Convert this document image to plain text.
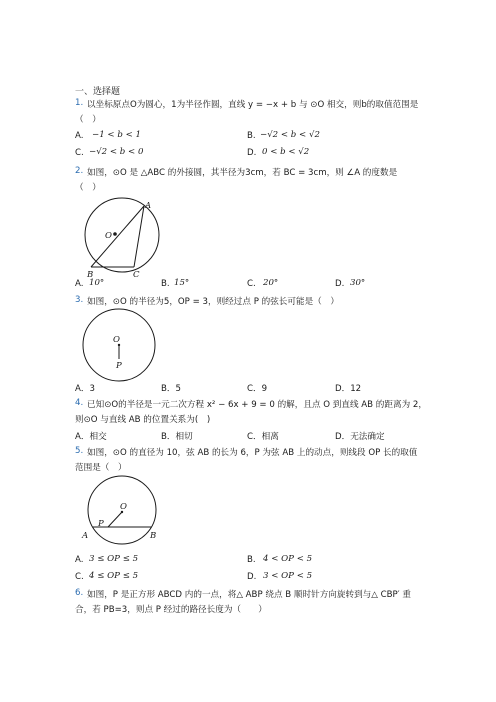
一、选择题
1. 以坐标原点O为圆心，1为半径作圆，直线 y = −x + b 与 ⊙O 相交，则b的取值范围是
（　）
A. −1 < b < 1	B. −√2 < b < √2
C. −√2 < b < 0	D. 0 < b < √2
2. 如图，⊙O 是 △ABC 的外接圆，其半径为3cm，若 BC = 3cm，则 ∠A 的度数是
（　）
A
O
B	C
A. 10°	B. 15°	C. 20°	D. 30°
3. 如图，⊙O 的半径为5，OP = 3，则经过点 P 的弦长可能是（　）
O
P
A．3	B．5	C．9	D．12
4. 已知⊙O的半径是一元二次方程 x² − 6x + 9 = 0 的解，且点 O 到直线 AB 的距离为 2，
则⊙O 与直线 AB 的位置关系为(　)
A．相交	B．相切	C．相离	D．无法确定
5. 如图，⊙O 的直径为 10，弦 AB 的长为 6，P 为弦 AB 上的动点，则线段 OP 长的取值
范围是（　）
O
P
A	B
A. 3 ≤ OP ≤ 5	B. 4 < OP < 5
C. 4 ≤ OP ≤ 5	D. 3 < OP < 5
6. 如图，P 是正方形 ABCD 内的一点，将△ ABP 绕点 B 顺时针方向旋转到与△ CBP′ 重
合，若 PB=3，则点 P 经过的路径长度为（　　）
